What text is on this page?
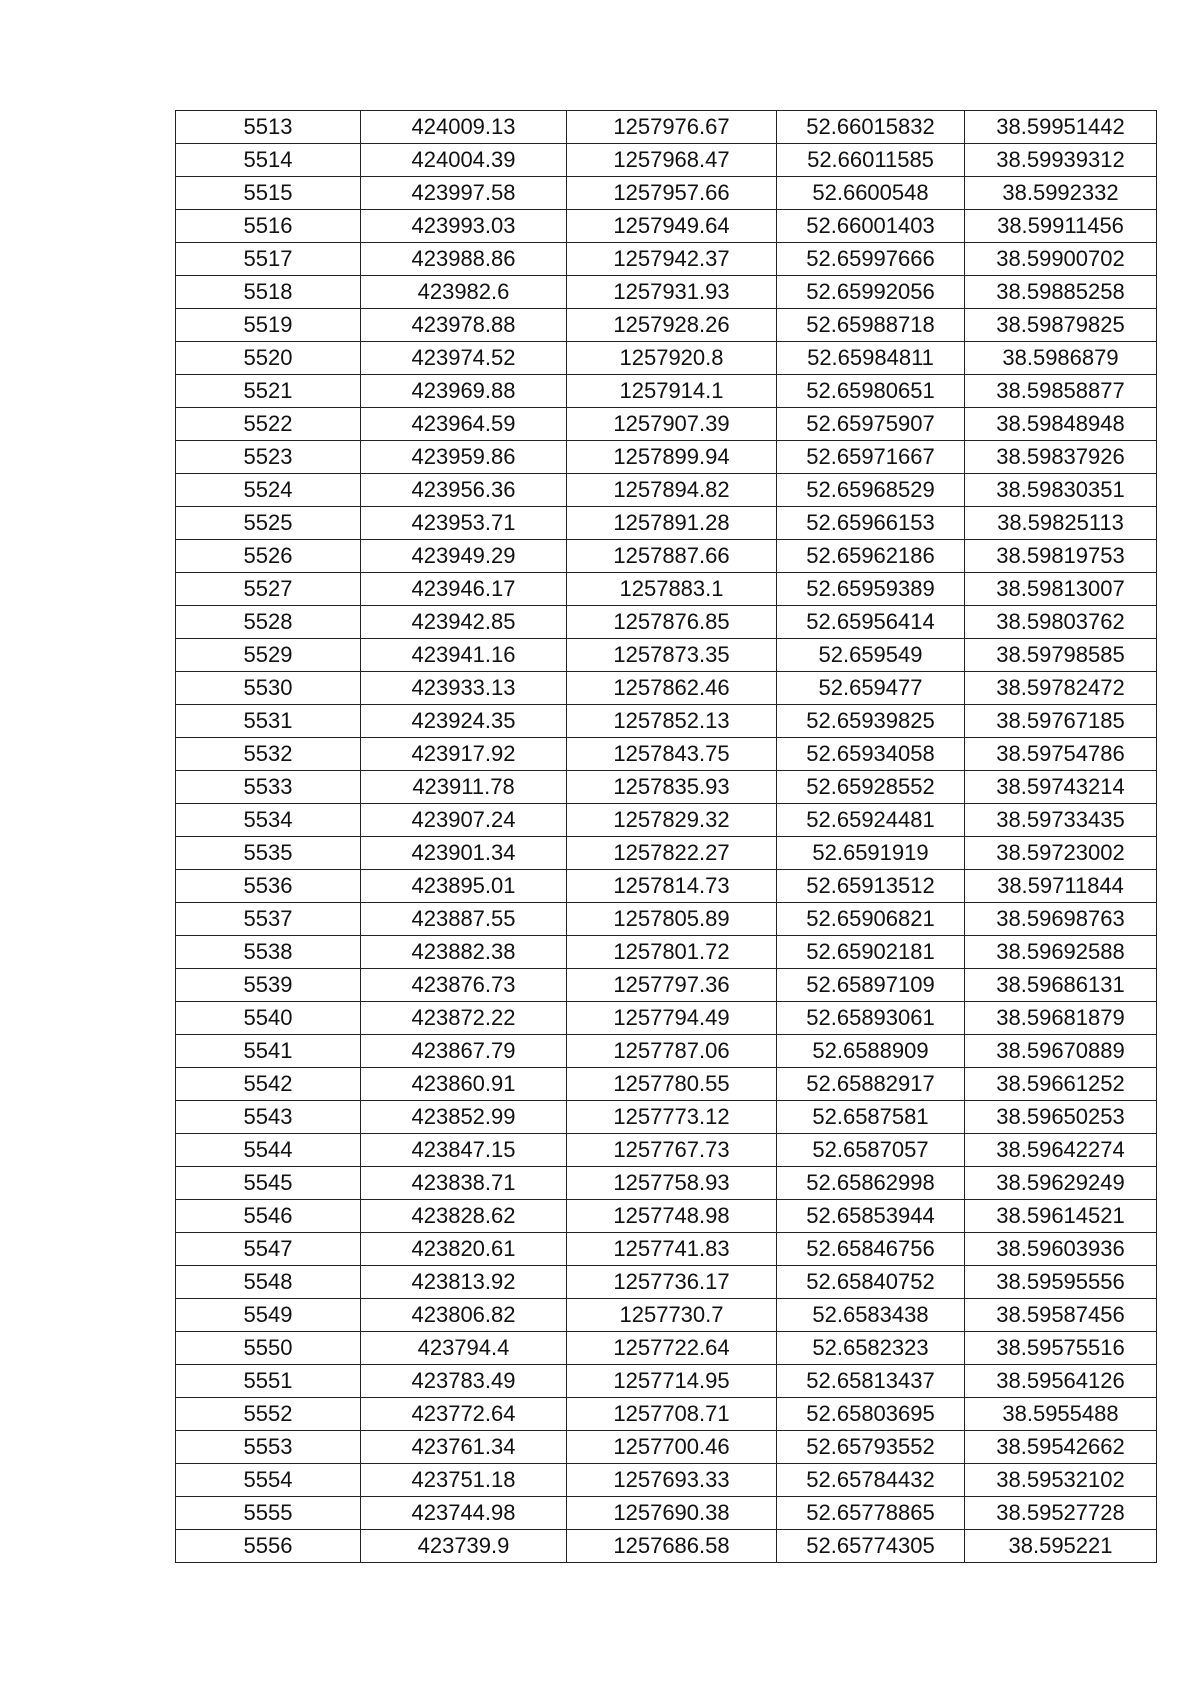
5513	424009.13	1257976.67	52.66015832	38.59951442
5514	424004.39	1257968.47	52.66011585	38.59939312
5515	423997.58	1257957.66	52.6600548	38.5992332
5516	423993.03	1257949.64	52.66001403	38.59911456
5517	423988.86	1257942.37	52.65997666	38.59900702
5518	423982.6	1257931.93	52.65992056	38.59885258
5519	423978.88	1257928.26	52.65988718	38.59879825
5520	423974.52	1257920.8	52.65984811	38.5986879
5521	423969.88	1257914.1	52.65980651	38.59858877
5522	423964.59	1257907.39	52.65975907	38.59848948
5523	423959.86	1257899.94	52.65971667	38.59837926
5524	423956.36	1257894.82	52.65968529	38.59830351
5525	423953.71	1257891.28	52.65966153	38.59825113
5526	423949.29	1257887.66	52.65962186	38.59819753
5527	423946.17	1257883.1	52.65959389	38.59813007
5528	423942.85	1257876.85	52.65956414	38.59803762
5529	423941.16	1257873.35	52.659549	38.59798585
5530	423933.13	1257862.46	52.659477	38.59782472
5531	423924.35	1257852.13	52.65939825	38.59767185
5532	423917.92	1257843.75	52.65934058	38.59754786
5533	423911.78	1257835.93	52.65928552	38.59743214
5534	423907.24	1257829.32	52.65924481	38.59733435
5535	423901.34	1257822.27	52.6591919	38.59723002
5536	423895.01	1257814.73	52.65913512	38.59711844
5537	423887.55	1257805.89	52.65906821	38.59698763
5538	423882.38	1257801.72	52.65902181	38.59692588
5539	423876.73	1257797.36	52.65897109	38.59686131
5540	423872.22	1257794.49	52.65893061	38.59681879
5541	423867.79	1257787.06	52.6588909	38.59670889
5542	423860.91	1257780.55	52.65882917	38.59661252
5543	423852.99	1257773.12	52.6587581	38.59650253
5544	423847.15	1257767.73	52.6587057	38.59642274
5545	423838.71	1257758.93	52.65862998	38.59629249
5546	423828.62	1257748.98	52.65853944	38.59614521
5547	423820.61	1257741.83	52.65846756	38.59603936
5548	423813.92	1257736.17	52.65840752	38.59595556
5549	423806.82	1257730.7	52.6583438	38.59587456
5550	423794.4	1257722.64	52.6582323	38.59575516
5551	423783.49	1257714.95	52.65813437	38.59564126
5552	423772.64	1257708.71	52.65803695	38.5955488
5553	423761.34	1257700.46	52.65793552	38.59542662
5554	423751.18	1257693.33	52.65784432	38.59532102
5555	423744.98	1257690.38	52.65778865	38.59527728
5556	423739.9	1257686.58	52.65774305	38.595221
